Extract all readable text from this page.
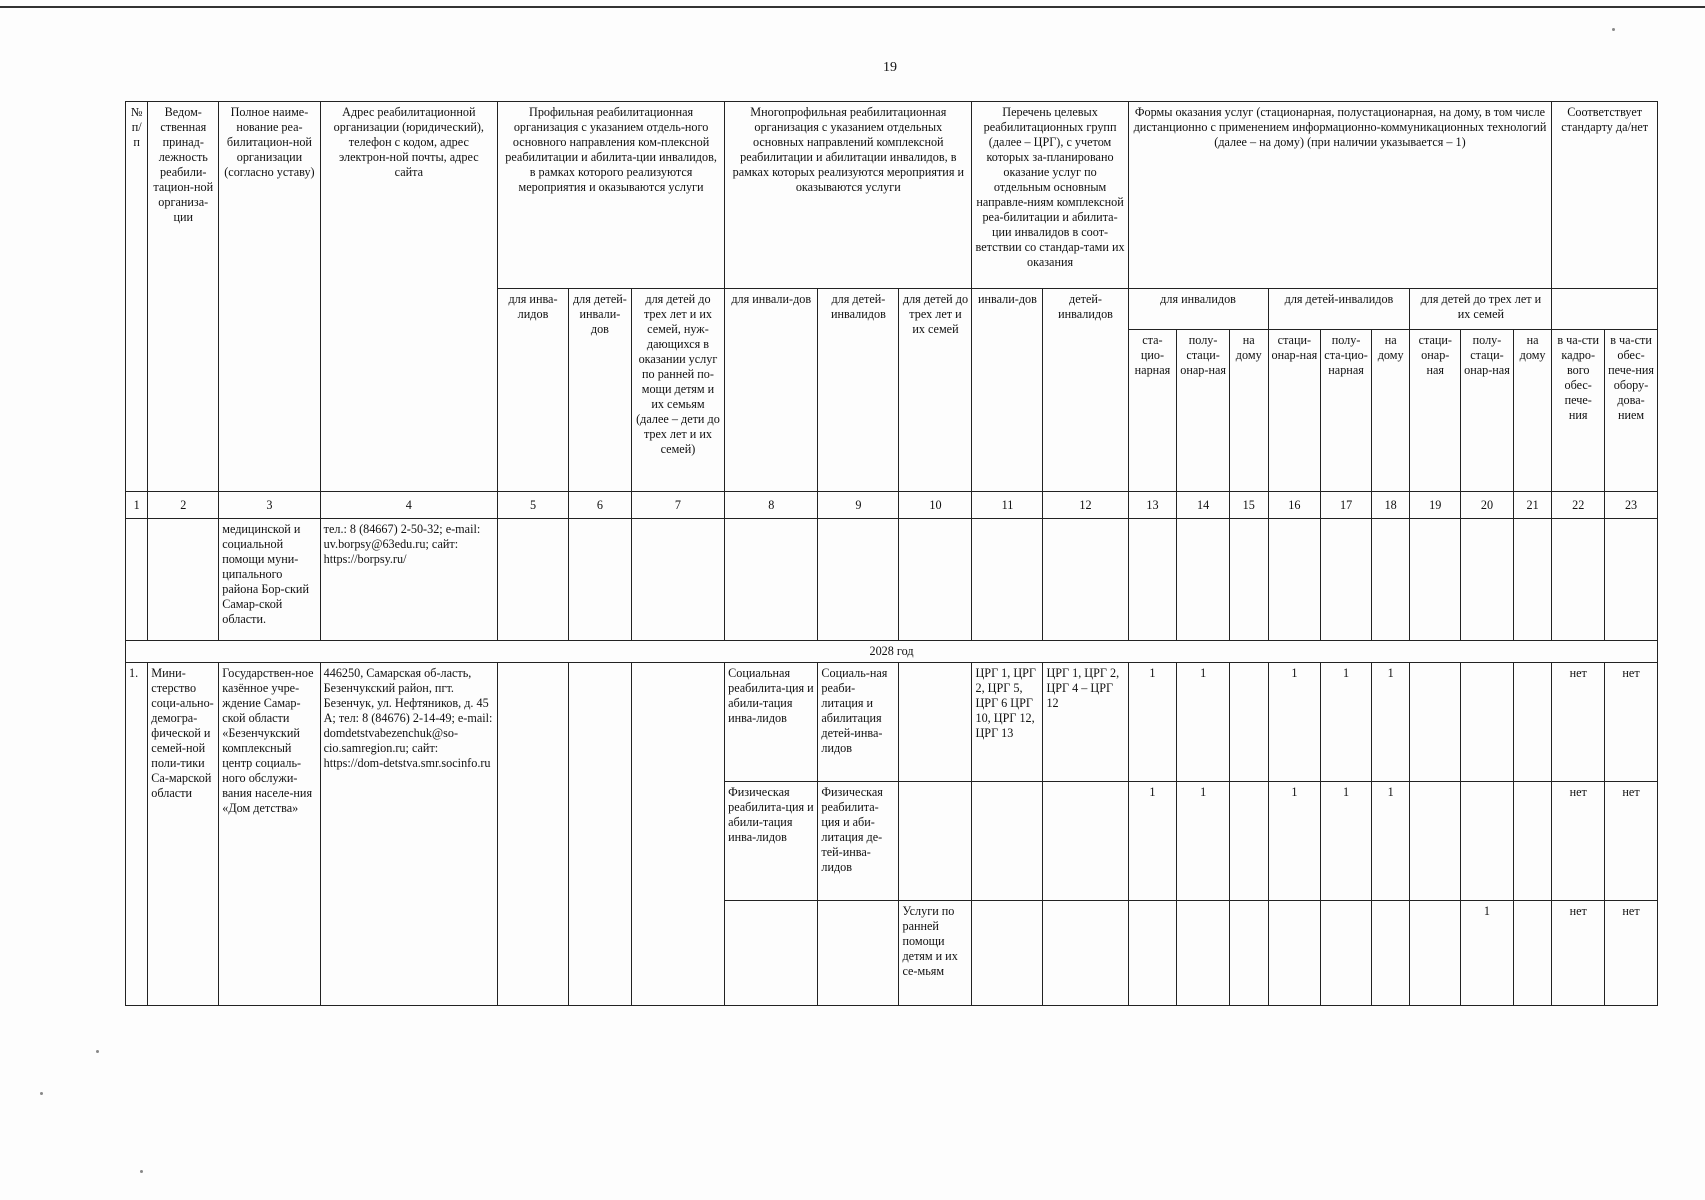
19
№ п/п	Ведом-ственная принад-лежность реабили-тацион-ной организа-ции	Полное наиме-нование реа-билитацион-ной организации (согласно уставу)	Адрес реабилитационной организации (юридический), телефон с кодом, адрес электрон-ной почты, адрес сайта	Профильная реабилитационная организация с указанием отдель-ного основного направления ком-плексной реабилитации и абилита-ции инвалидов, в рамках которого реализуются мероприятия и оказываются услуги			Многопрофильная реабилитационная организация с указанием отдельных основных направлений комплексной реабилитации и абилитации инвалидов, в рамках которых реализуются мероприятия и оказываются услуги			Перечень целевых реабилитационных групп (далее – ЦРГ), с учетом которых за-планировано оказание услуг по отдельным основным направле-ниям комплексной реа-билитации и абилита-ции инвалидов в соот-ветствии со стандар-тами их оказания		Формы оказания услуг (стационарная, полустационарная, на дому, в том числе дистанционно с применением информационно-коммуникационных технологий (далее – на дому) (при наличии указывается – 1)									Соответствует стандарту да/нет	
				для инва-лидов	для детей-инвали-дов	для детей до трех лет и их семей, нуж-дающихся в оказании услуг по ранней по-мощи детям и их семьям (далее – дети до трех лет и их семей)	для инвали-дов	для детей-инвалидов	для детей до трех лет и их семей	инвали-дов	детей-инвалидов	для инвалидов			для детей-инвалидов			для детей до трех лет и их семей				
												ста-цио-нарная	полу-стаци-онар-ная	на дому	стаци-онар-ная	полу-ста-цио-нарная	на дому	стаци-онар-ная	полу-стаци-онар-ная	на дому	в ча-сти кадро-вого обес-печe-ния	в ча-сти обес-пече-ния обору-дова-нием
1	2	3	4	5	6	7	8	9	10	11	12	13	14	15	16	17	18	19	20	21	22	23
		медицинской и социальной помощи муни-ципального района Бор-ский Самар-ской области.	тел.: 8 (84667) 2-50-32; e-mail: uv.borpsy@63edu.ru; сайт: https://borpsy.ru/																			
2028 год																						
1.	Мини-стерство соци-ально-демогра-фической и семей-ной поли-тики Са-марской области	Государствен-ное казённое учре-ждение Самар-ской области «Безенчукский комплексный центр социаль-ного обслужи-вания населе-ния «Дом детства»	446250, Самарская об-ласть, Безенчукский район, пгт. Безенчук, ул. Нефтяников, д. 45 А; тел: 8 (84676) 2-14-49; e-mail: domdetstvabezenchuk@so-cio.samregion.ru; сайт: https://dom-detstva.smr.socinfo.ru				Социальная реабилита-ция и абили-тация инва-лидов	Социаль-ная реаби-литация и абилитация детей-инва-лидов		ЦРГ 1, ЦРГ 2, ЦРГ 5, ЦРГ 6 ЦРГ 10, ЦРГ 12, ЦРГ 13	ЦРГ 1, ЦРГ 2, ЦРГ 4 – ЦРГ 12	1	1		1	1	1				нет	нет
							Физическая реабилита-ция и абили-тация инва-лидов	Физическая реабилита-ция и аби-литация де-тей-инва-лидов				1	1		1	1	1				нет	нет
									Услуги по ранней помощи детям и их се-мьям										1		нет	нет
